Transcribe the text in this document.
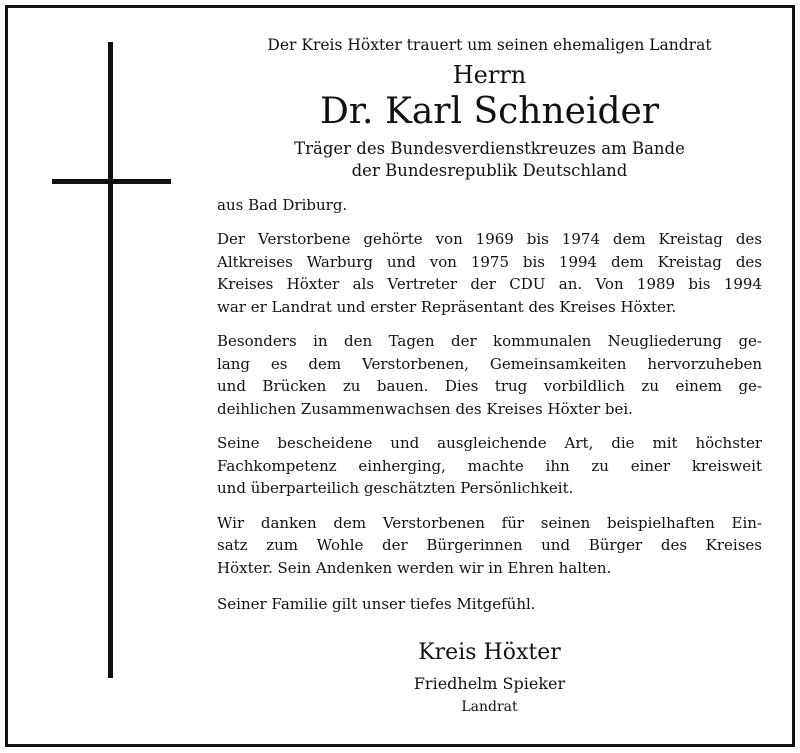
Der Kreis Höxter trauert um seinen ehemaligen Landrat

Herrn

Dr. Karl Schneider

Träger des Bundesverdienstkreuzes am Bande
der Bundesrepublik Deutschland

aus Bad Driburg.

Der Verstorbene gehörte von 1969 bis 1974 dem Kreistag des
Altkreises Warburg und von 1975 bis 1994 dem Kreistag des
Kreises Höxter als Vertreter der CDU an. Von 1989 bis 1994
war er Landrat und erster Repräsentant des Kreises Höxter.

Besonders in den Tagen der kommunalen Neugliederung ge-
lang es dem Verstorbenen, Gemeinsamkeiten hervorzuheben
und Brücken zu bauen. Dies trug vorbildlich zu einem ge-
deihlichen Zusammenwachsen des Kreises Höxter bei.

Seine bescheidene und ausgleichende Art, die mit höchster
Fachkompetenz einherging, machte ihn zu einer kreisweit
und überparteilich geschätzten Persönlichkeit.

Wir danken dem Verstorbenen für seinen beispielhaften Ein-
satz zum Wohle der Bürgerinnen und Bürger des Kreises
Höxter. Sein Andenken werden wir in Ehren halten.

Seiner Familie gilt unser tiefes Mitgefühl.

Kreis Höxter

Friedhelm Spieker

Landrat
